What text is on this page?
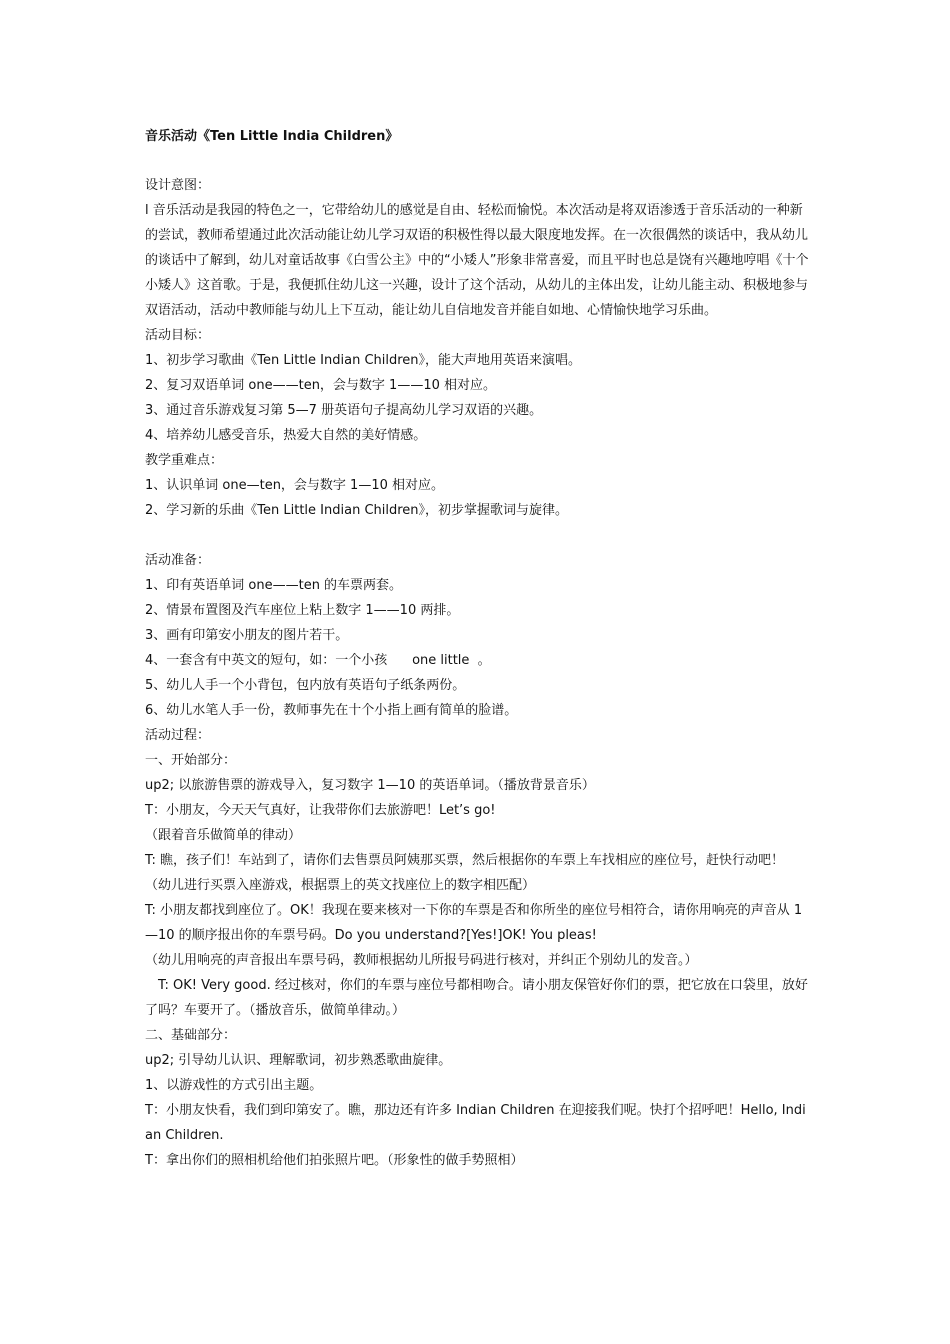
音乐活动《Ten Little India Children》
设计意图：
l 音乐活动是我园的特色之一，它带给幼儿的感觉是自由、轻松而愉悦。本次活动是将双语渗透于音乐活动的一种新的尝试，教师希望通过此次活动能让幼儿学习双语的积极性得以最大限度地发挥。在一次很偶然的谈话中，我从幼儿的谈话中了解到，幼儿对童话故事《白雪公主》中的“小矮人”形象非常喜爱，而且平时也总是饶有兴趣地哼唱《十个小矮人》这首歌。于是，我便抓住幼儿这一兴趣，设计了这个活动，从幼儿的主体出发，让幼儿能主动、积极地参与双语活动，活动中教师能与幼儿上下互动，能让幼儿自信地发音并能自如地、心情愉快地学习乐曲。
活动目标：
1、初步学习歌曲《Ten Little Indian Children》，能大声地用英语来演唱。
2、复习双语单词 one——ten，会与数字 1——10 相对应。
3、通过音乐游戏复习第 5—7 册英语句子提高幼儿学习双语的兴趣。
4、培养幼儿感受音乐，热爱大自然的美好情感。
教学重难点：
1、认识单词 one—ten，会与数字 1—10 相对应。
2、学习新的乐曲《Ten Little Indian Children》，初步掌握歌词与旋律。
活动准备：
1、印有英语单词 one——ten 的车票两套。
2、情景布置图及汽车座位上粘上数字 1——10 两排。
3、画有印第安小朋友的图片若干。
4、一套含有中英文的短句，如：一个小孩      one little  。
5、幼儿人手一个小背包，包内放有英语句子纸条两份。
6、幼儿水笔人手一份，教师事先在十个小指上画有简单的脸谱。
活动过程：
一、开始部分：
up2; 以旅游售票的游戏导入，复习数字 1—10 的英语单词。（播放背景音乐）
T：小朋友，今天天气真好，让我带你们去旅游吧！Let’s go!
（跟着音乐做简单的律动）
T: 瞧，孩子们！车站到了，请你们去售票员阿姨那买票，然后根据你的车票上车找相应的座位号，赶快行动吧！
（幼儿进行买票入座游戏，根据票上的英文找座位上的数字相匹配）
T: 小朋友都找到座位了。OK！我现在要来核对一下你的车票是否和你所坐的座位号相符合，请你用响亮的声音从 1—10 的顺序报出你的车票号码。Do you understand?[Yes!]OK! You pleas!
（幼儿用响亮的声音报出车票号码，教师根据幼儿所报号码进行核对，并纠正个别幼儿的发音。）
T: OK! Very good. 经过核对，你们的车票与座位号都相吻合。请小朋友保管好你们的票，把它放在口袋里，放好了吗？车要开了。（播放音乐，做简单律动。）
二、基础部分：
up2; 引导幼儿认识、理解歌词，初步熟悉歌曲旋律。
1、以游戏性的方式引出主题。
T：小朋友快看，我们到印第安了。瞧，那边还有许多 Indian Children 在迎接我们呢。快打个招呼吧！Hello, Indian Children.
T：拿出你们的照相机给他们拍张照片吧。（形象性的做手势照相）
